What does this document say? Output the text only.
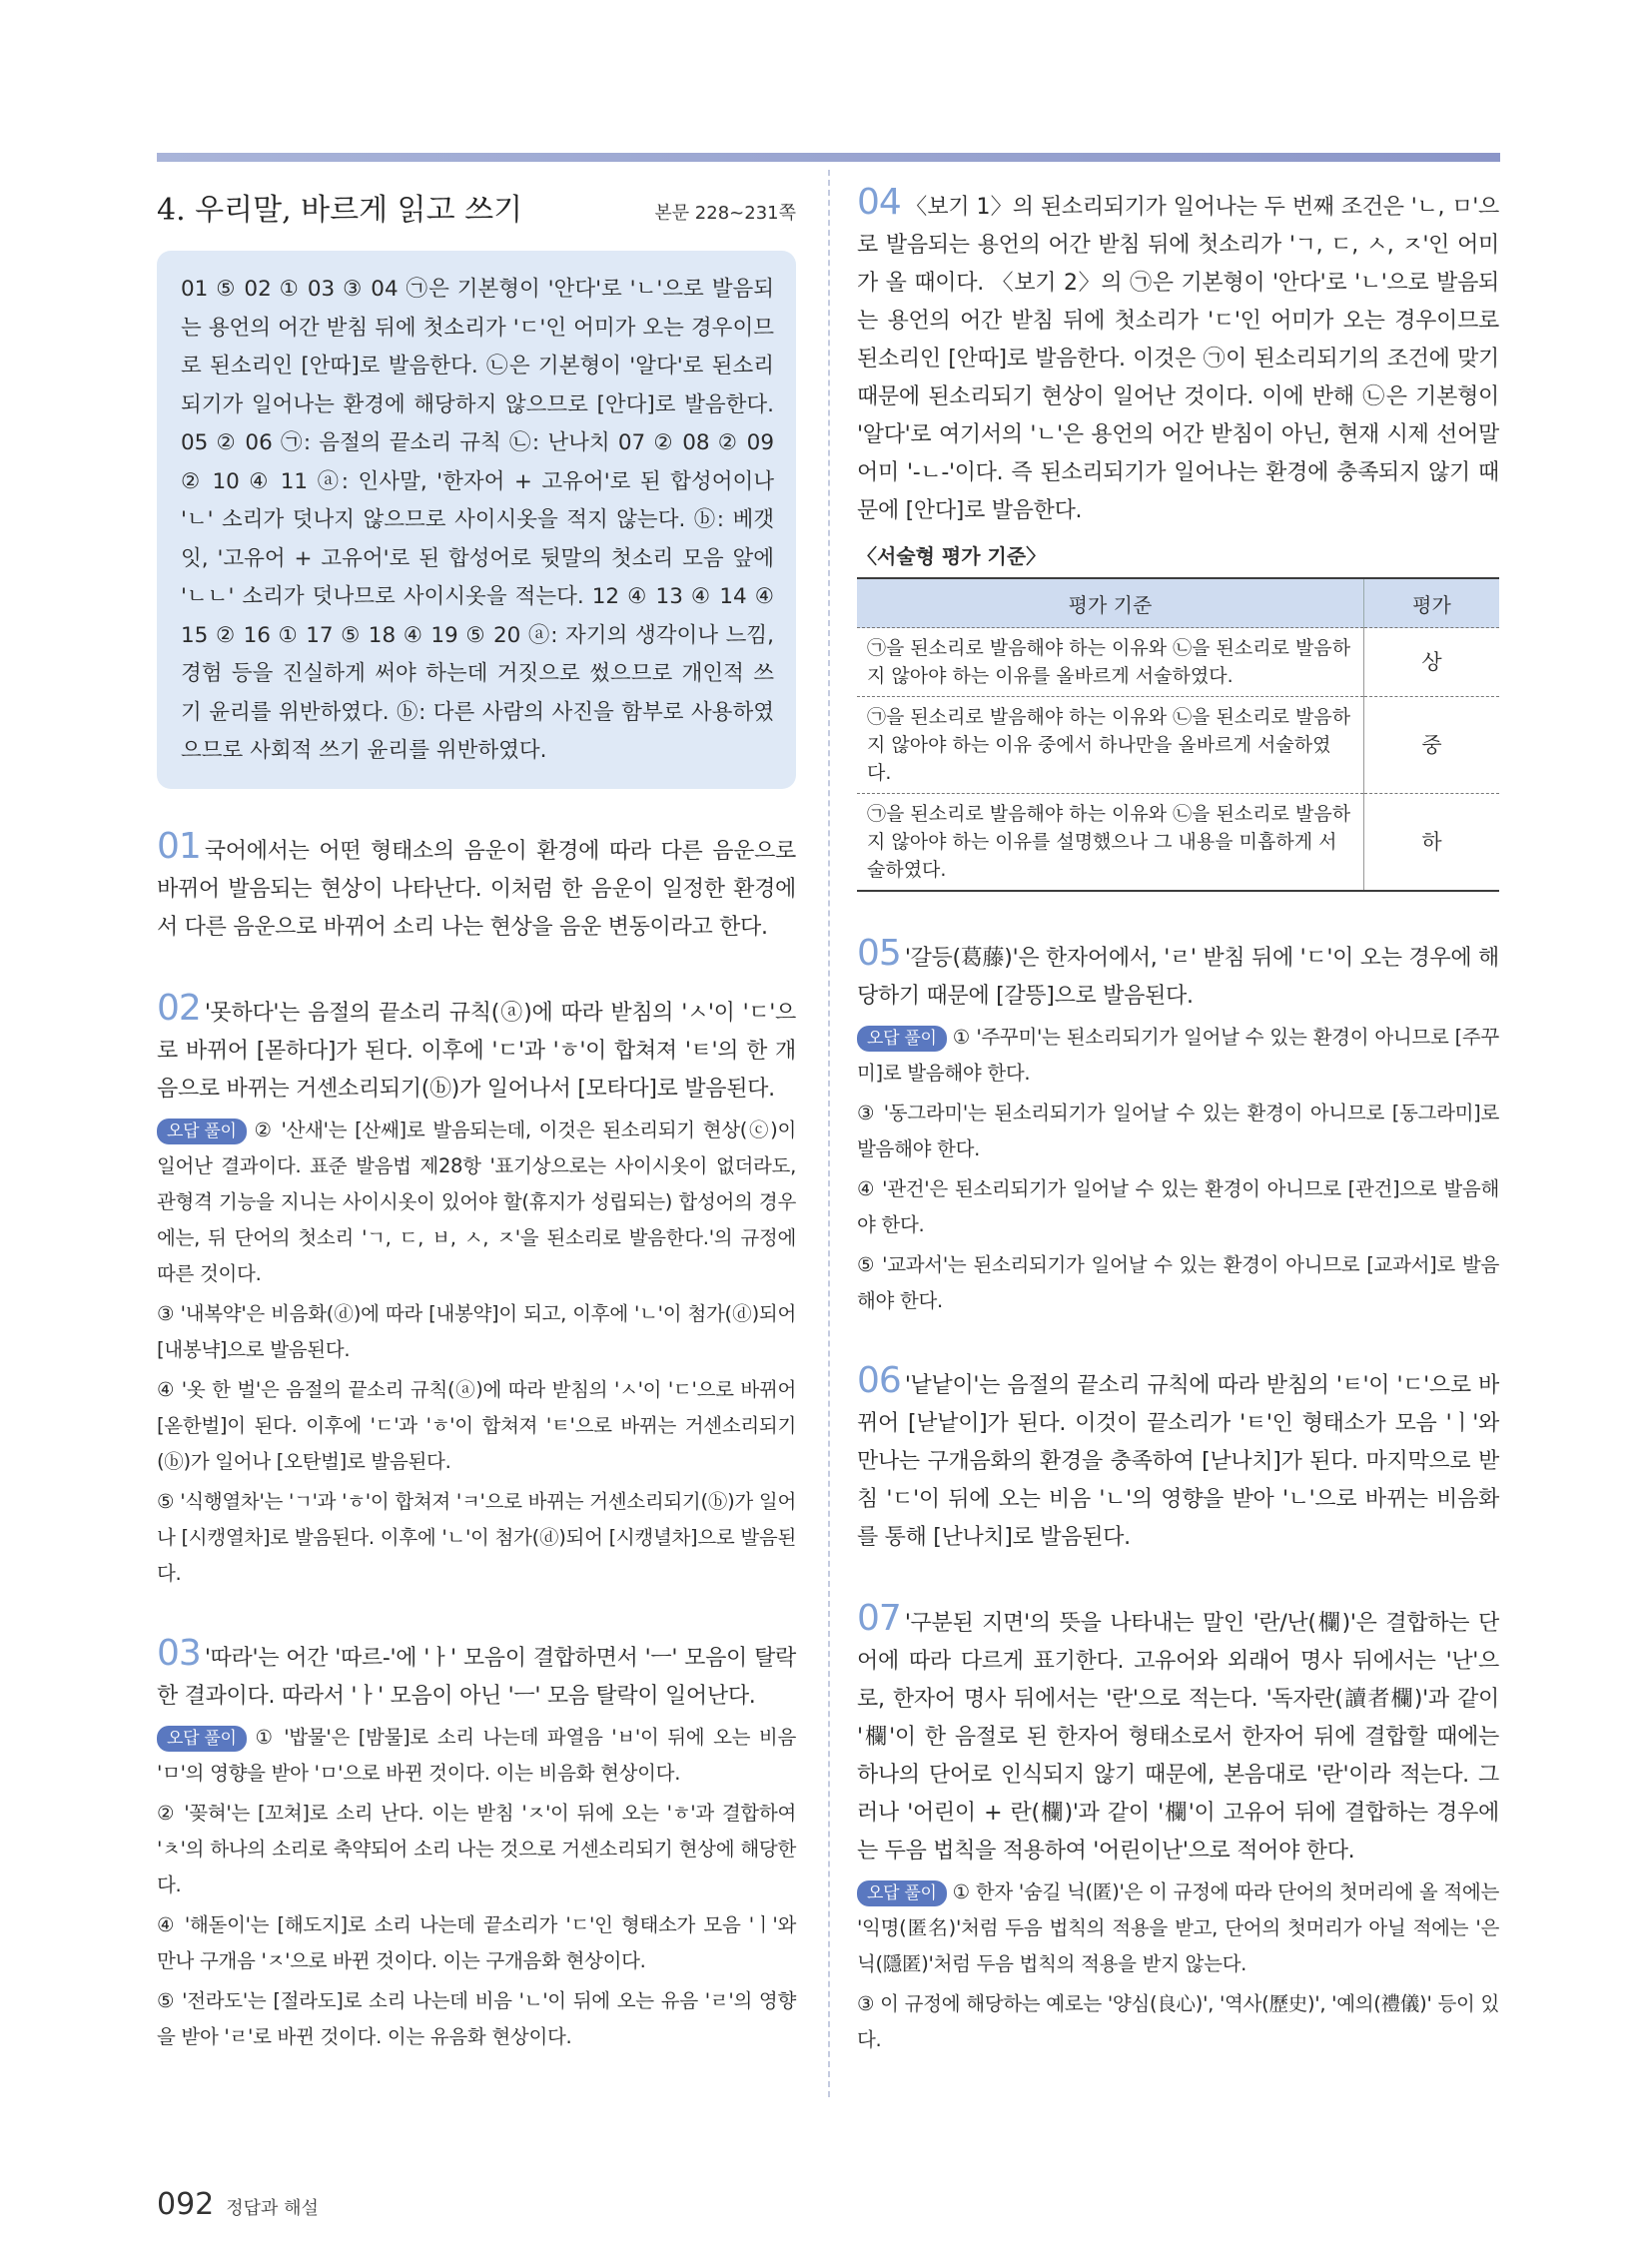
4. 우리말, 바르게 읽고 쓰기	본문 228~231쪽
01 ⑤ 02 ① 03 ③ 04 ㉠은 기본형이 '안다'로 'ㄴ'으로 발음되는 용언의 어간 받침 뒤에 첫소리가 'ㄷ'인 어미가 오는 경우이므로 된소리인 [안따]로 발음한다. ㉡은 기본형이 '알다'로 된소리되기가 일어나는 환경에 해당하지 않으므로 [안다]로 발음한다. 05 ② 06 ㉠: 음절의 끝소리 규칙 ㉡: 난나치 07 ② 08 ② 09 ② 10 ④ 11 ⓐ: 인사말, '한자어 + 고유어'로 된 합성어이나 'ㄴ' 소리가 덧나지 않으므로 사이시옷을 적지 않는다. ⓑ: 베갯잇, '고유어 + 고유어'로 된 합성어로 뒷말의 첫소리 모음 앞에 'ㄴㄴ' 소리가 덧나므로 사이시옷을 적는다. 12 ④ 13 ④ 14 ④ 15 ② 16 ① 17 ⑤ 18 ④ 19 ⑤ 20 ⓐ: 자기의 생각이나 느낌, 경험 등을 진실하게 써야 하는데 거짓으로 썼으므로 개인적 쓰기 윤리를 위반하였다. ⓑ: 다른 사람의 사진을 함부로 사용하였으므로 사회적 쓰기 윤리를 위반하였다.
01 국어에서는 어떤 형태소의 음운이 환경에 따라 다른 음운으로 바뀌어 발음되는 현상이 나타난다. 이처럼 한 음운이 일정한 환경에서 다른 음운으로 바뀌어 소리 나는 현상을 음운 변동이라고 한다.
02 '못하다'는 음절의 끝소리 규칙(ⓐ)에 따라 받침의 'ㅅ'이 'ㄷ'으로 바뀌어 [몯하다]가 된다. 이후에 'ㄷ'과 'ㅎ'이 합쳐져 'ㅌ'의 한 개 음으로 바뀌는 거센소리되기(ⓑ)가 일어나서 [모타다]로 발음된다.
오답 풀이 ② '산새'는 [산쌔]로 발음되는데, 이것은 된소리되기 현상(ⓒ)이 일어난 결과이다. 표준 발음법 제28항 '표기상으로는 사이시옷이 없더라도, 관형격 기능을 지니는 사이시옷이 있어야 할(휴지가 성립되는) 합성어의 경우에는, 뒤 단어의 첫소리 'ㄱ, ㄷ, ㅂ, ㅅ, ㅈ'을 된소리로 발음한다.'의 규정에 따른 것이다.
③ '내복약'은 비음화(ⓓ)에 따라 [내봉약]이 되고, 이후에 'ㄴ'이 첨가(ⓓ)되어 [내봉냑]으로 발음된다.
④ '옷 한 벌'은 음절의 끝소리 규칙(ⓐ)에 따라 받침의 'ㅅ'이 'ㄷ'으로 바뀌어 [옫한벌]이 된다. 이후에 'ㄷ'과 'ㅎ'이 합쳐져 'ㅌ'으로 바뀌는 거센소리되기(ⓑ)가 일어나 [오탄벌]로 발음된다.
⑤ '식행열차'는 'ㄱ'과 'ㅎ'이 합쳐져 'ㅋ'으로 바뀌는 거센소리되기(ⓑ)가 일어나 [시캥열차]로 발음된다. 이후에 'ㄴ'이 첨가(ⓓ)되어 [시캥녈차]으로 발음된다.
03 '따라'는 어간 '따르-'에 'ㅏ' 모음이 결합하면서 'ㅡ' 모음이 탈락한 결과이다. 따라서 'ㅏ' 모음이 아닌 'ㅡ' 모음 탈락이 일어난다.
오답 풀이 ① '밥물'은 [밤물]로 소리 나는데 파열음 'ㅂ'이 뒤에 오는 비음 'ㅁ'의 영향을 받아 'ㅁ'으로 바뀐 것이다. 이는 비음화 현상이다.
② '꽂혀'는 [꼬쳐]로 소리 난다. 이는 받침 'ㅈ'이 뒤에 오는 'ㅎ'과 결합하여 'ㅊ'의 하나의 소리로 축약되어 소리 나는 것으로 거센소리되기 현상에 해당한다.
④ '해돋이'는 [해도지]로 소리 나는데 끝소리가 'ㄷ'인 형태소가 모음 'ㅣ'와 만나 구개음 'ㅈ'으로 바뀐 것이다. 이는 구개음화 현상이다.
⑤ '전라도'는 [절라도]로 소리 나는데 비음 'ㄴ'이 뒤에 오는 유음 'ㄹ'의 영향을 받아 'ㄹ'로 바뀐 것이다. 이는 유음화 현상이다.
04 〈보기 1〉의 된소리되기가 일어나는 두 번째 조건은 'ㄴ, ㅁ'으로 발음되는 용언의 어간 받침 뒤에 첫소리가 'ㄱ, ㄷ, ㅅ, ㅈ'인 어미가 올 때이다. 〈보기 2〉의 ㉠은 기본형이 '안다'로 'ㄴ'으로 발음되는 용언의 어간 받침 뒤에 첫소리가 'ㄷ'인 어미가 오는 경우이므로 된소리인 [안따]로 발음한다. 이것은 ㉠이 된소리되기의 조건에 맞기 때문에 된소리되기 현상이 일어난 것이다. 이에 반해 ㉡은 기본형이 '알다'로 여기서의 'ㄴ'은 용언의 어간 받침이 아닌, 현재 시제 선어말 어미 '-ㄴ-'이다. 즉 된소리되기가 일어나는 환경에 충족되지 않기 때문에 [안다]로 발음한다.
〈서술형 평가 기준〉
평가 기준	평가
㉠을 된소리로 발음해야 하는 이유와 ㉡을 된소리로 발음하지 않아야 하는 이유를 올바르게 서술하였다.	상
㉠을 된소리로 발음해야 하는 이유와 ㉡을 된소리로 발음하지 않아야 하는 이유 중에서 하나만을 올바르게 서술하였다.	중
㉠을 된소리로 발음해야 하는 이유와 ㉡을 된소리로 발음하지 않아야 하는 이유를 설명했으나 그 내용을 미흡하게 서술하였다.	하
05 '갈등(葛藤)'은 한자어에서, 'ㄹ' 받침 뒤에 'ㄷ'이 오는 경우에 해당하기 때문에 [갈뜽]으로 발음된다.
오답 풀이 ① '주꾸미'는 된소리되기가 일어날 수 있는 환경이 아니므로 [주꾸미]로 발음해야 한다.
③ '동그라미'는 된소리되기가 일어날 수 있는 환경이 아니므로 [동그라미]로 발음해야 한다.
④ '관건'은 된소리되기가 일어날 수 있는 환경이 아니므로 [관건]으로 발음해야 한다.
⑤ '교과서'는 된소리되기가 일어날 수 있는 환경이 아니므로 [교과서]로 발음해야 한다.
06 '낱낱이'는 음절의 끝소리 규칙에 따라 받침의 'ㅌ'이 'ㄷ'으로 바뀌어 [낟낱이]가 된다. 이것이 끝소리가 'ㅌ'인 형태소가 모음 'ㅣ'와 만나는 구개음화의 환경을 충족하여 [낟나치]가 된다. 마지막으로 받침 'ㄷ'이 뒤에 오는 비음 'ㄴ'의 영향을 받아 'ㄴ'으로 바뀌는 비음화를 통해 [난나치]로 발음된다.
07 '구분된 지면'의 뜻을 나타내는 말인 '란/난(欄)'은 결합하는 단어에 따라 다르게 표기한다. 고유어와 외래어 명사 뒤에서는 '난'으로, 한자어 명사 뒤에서는 '란'으로 적는다. '독자란(讀者欄)'과 같이 '欄'이 한 음절로 된 한자어 형태소로서 한자어 뒤에 결합할 때에는 하나의 단어로 인식되지 않기 때문에, 본음대로 '란'이라 적는다. 그러나 '어린이 + 란(欄)'과 같이 '欄'이 고유어 뒤에 결합하는 경우에는 두음 법칙을 적용하여 '어린이난'으로 적어야 한다.
오답 풀이 ① 한자 '숨길 닉(匿)'은 이 규정에 따라 단어의 첫머리에 올 적에는 '익명(匿名)'처럼 두음 법칙의 적용을 받고, 단어의 첫머리가 아닐 적에는 '은닉(隱匿)'처럼 두음 법칙의 적용을 받지 않는다.
③ 이 규정에 해당하는 예로는 '양심(良心)', '역사(歷史)', '예의(禮儀)' 등이 있다.
092 정답과 해설
